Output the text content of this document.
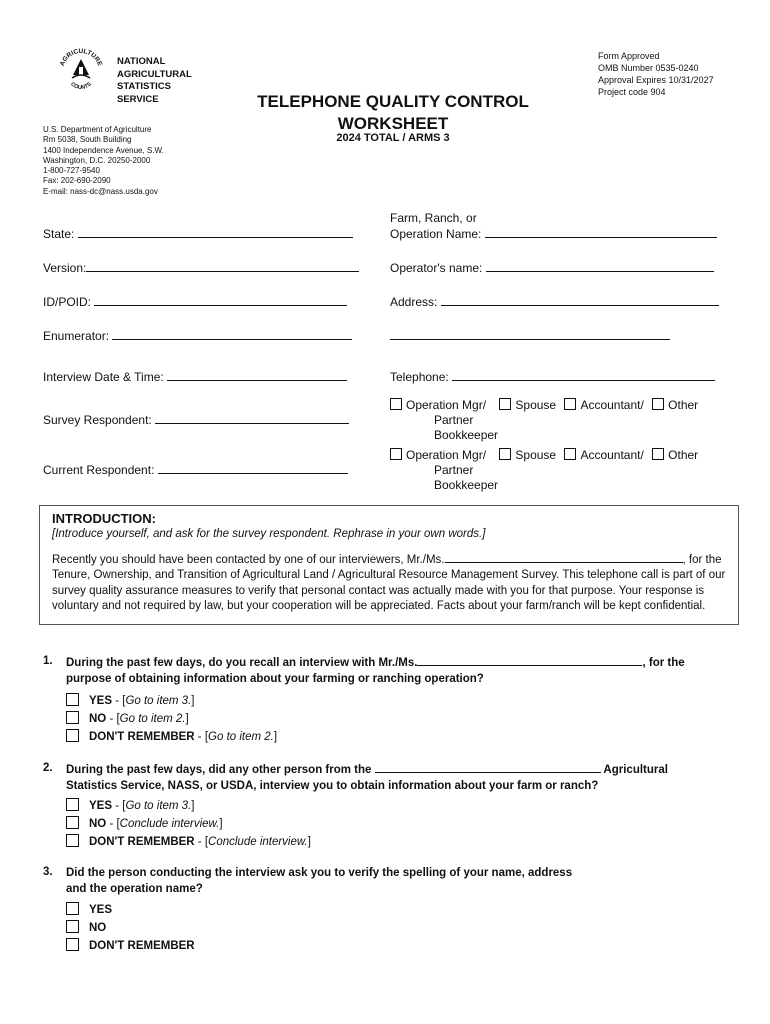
AGRICULTURE
COUNTS
NATIONAL
AGRICULTURAL
STATISTICS
SERVICE
U.S. Department of Agriculture
Rm 5038, South Building
1400 Independence Avenue, S.W.
Washington, D.C. 20250-2000
1-800-727-9540
Fax: 202-690-2090
E-mail: nass-dc@nass.usda.gov
Form Approved
OMB Number 0535-0240
Approval Expires 10/31/2027
Project code 904
TELEPHONE QUALITY CONTROL
WORKSHEET
2024 TOTAL / ARMS 3
State:
Version:
ID/POID:
Enumerator:
Interview Date & Time:
Survey Respondent:
Current Respondent:
Farm, Ranch, or
Operation Name:
Operator's name:
Address:
Telephone:
Operation Mgr/ Spouse Accountant/ Other
Partner
Bookkeeper
Operation Mgr/ Spouse Accountant/ Other
Partner
Bookkeeper
INTRODUCTION:
[Introduce yourself, and ask for the survey respondent. Rephrase in your own words.]
Recently you should have been contacted by one of our interviewers, Mr./Ms.	, for the Tenure, Ownership, and Transition of Agricultural Land / Agricultural Resource Management Survey. This telephone call is part of our survey quality assurance measures to verify that personal contact was actually made with you for that purpose. Your response is voluntary and not required by law, but your cooperation will be appreciated. Facts about your farm/ranch will be kept confidential.
1. During the past few days, do you recall an interview with Mr./Ms.	, for the
purpose of obtaining information about your farming or ranching operation?
YES - [Go to item 3.]
NO - [Go to item 2.]
DON'T REMEMBER - [Go to item 2.]
2. During the past few days, did any other person from the	Agricultural
Statistics Service, NASS, or USDA, interview you to obtain information about your farm or ranch?
YES - [Go to item 3.]
NO - [Conclude interview.]
DON'T REMEMBER - [Conclude interview.]
3. Did the person conducting the interview ask you to verify the spelling of your name, address
and the operation name?
YES
NO
DON'T REMEMBER
